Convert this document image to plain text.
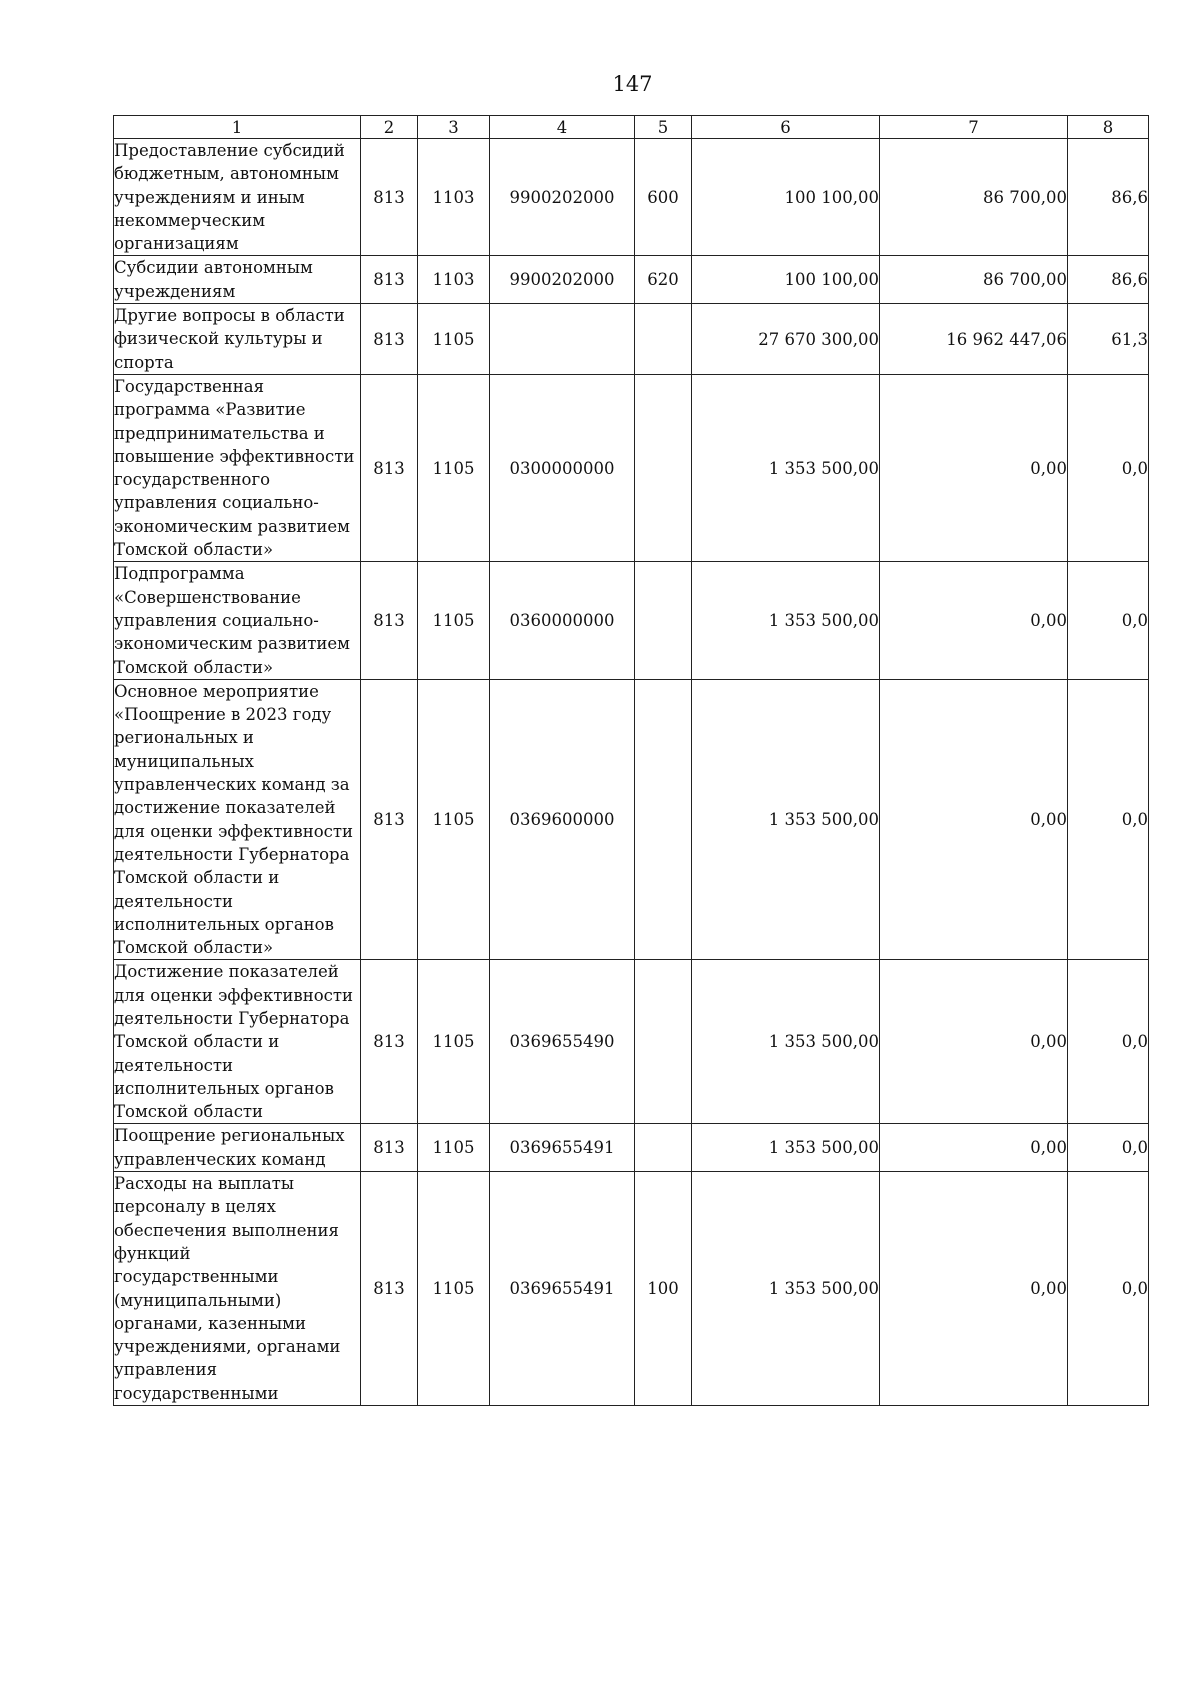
147
1	2	3	4	5	6	7	8
Предоставление субсидий бюджетным, автономным учреждениям и иным некоммерческим организациям	813	1103	9900202000	600	100 100,00	86 700,00	86,6
Субсидии автономным учреждениям	813	1103	9900202000	620	100 100,00	86 700,00	86,6
Другие вопросы в области физической культуры и спорта	813	1105			27 670 300,00	16 962 447,06	61,3
Государственная программа «Развитие предпринимательства и повышение эффективности государственного управления социально-экономическим развитием Томской области»	813	1105	0300000000		1 353 500,00	0,00	0,0
Подпрограмма «Совершенствование управления социально-экономическим развитием Томской области»	813	1105	0360000000		1 353 500,00	0,00	0,0
Основное мероприятие «Поощрение в 2023 году региональных и муниципальных управленческих команд за достижение показателей для оценки эффективности деятельности Губернатора Томской области и деятельности исполнительных органов Томской области»	813	1105	0369600000		1 353 500,00	0,00	0,0
Достижение показателей для оценки эффективности деятельности Губернатора Томской области и деятельности исполнительных органов Томской области	813	1105	0369655490		1 353 500,00	0,00	0,0
Поощрение региональных управленческих команд	813	1105	0369655491		1 353 500,00	0,00	0,0
Расходы на выплаты персоналу в целях обеспечения выполнения функций государственными (муниципальными) органами, казенными учреждениями, органами управления государственными	813	1105	0369655491	100	1 353 500,00	0,00	0,0
